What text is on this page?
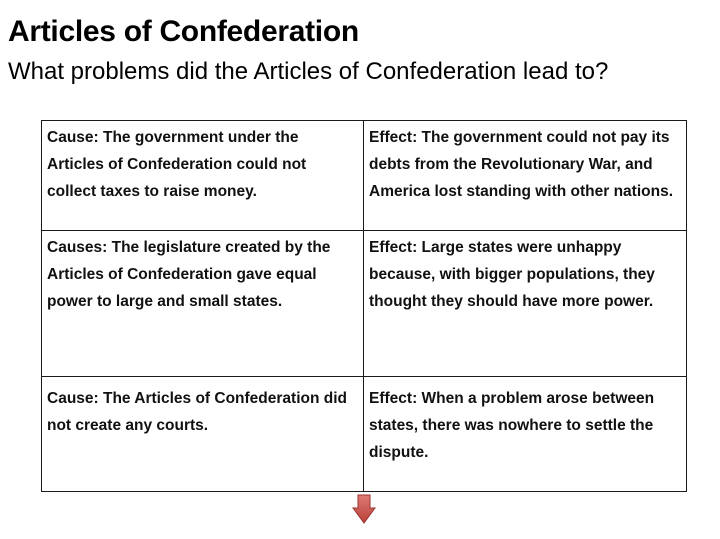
Articles of Confederation
What problems did the Articles of Confederation lead to?
Cause: The government under the Articles of Confederation could not collect taxes to raise money.	Effect: The government could not pay its debts from the Revolutionary War, and America lost standing with other nations.
Causes: The legislature created by the Articles of Confederation gave equal power to large and small states.	Effect: Large states were unhappy because, with bigger populations, they thought they should have more power.
Cause: The Articles of Confederation did not create any courts.	Effect: When a problem arose between states, there was nowhere to settle the dispute.
